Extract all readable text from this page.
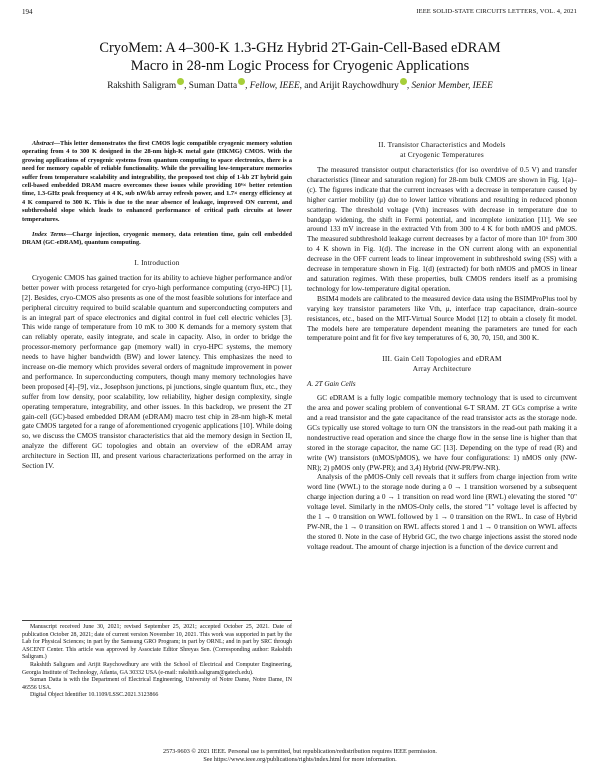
194	IEEE SOLID-STATE CIRCUITS LETTERS, VOL. 4, 2021
CryoMem: A 4–300-K 1.3-GHz Hybrid 2T-Gain-Cell-Based eDRAM
Macro in 28-nm Logic Process for Cryogenic Applications
Rakshith Saligram , Suman Datta , Fellow, IEEE, and Arijit Raychowdhury , Senior Member, IEEE

Abstract—This letter demonstrates the first CMOS logic compatible cryogenic memory solution operating from 4 to 300 K designed in the 28-nm high-K metal gate (HKMG) CMOS. With the growing applications of cryogenic systems from quantum computing to space electronics, there is a need for memory capable of reliable functionality. While the prevailing low-temperature memories suffer from temperature scalability and integrability, the proposed test chip of 1-kb 2T hybrid gain cell-based embedded DRAM macro overcomes these issues while providing 10⁶× better retention time, 1.3-GHz peak frequency at 4 K, sub nW/kb array refresh power, and 1.7× energy efficiency at 4 K compared to 300 K. This is due to the near absence of leakage, improved ON current, and subthreshold slope which leads to enhanced performance of critical path circuits at lower temperatures.

Index Terms—Charge injection, cryogenic memory, data retention time, gain cell embedded DRAM (GC-eDRAM), quantum computing.

I. Introduction

Cryogenic CMOS has gained traction for its ability to achieve higher performance and/or better power with process retargeted for cryo-high performance computing (cryo-HPC) [1], [2]. Besides, cryo-CMOS also presents as one of the most feasible solutions for interface and peripheral circuitry required to build scalable quantum and superconducting computers and is an integral part of space electronics and digital control in fuel cell electric vehicles [3]. This wide range of temperature from 10 mK to 300 K demands for a memory system that can reliably operate, easily integrate, and scale in capacity. Also, in order to bridge the processor-memory performance gap (memory wall) in cryo-HPC systems, the memory needs to have higher bandwidth (BW) and lower latency. This emphasizes the need to increase on-die memory which provides several orders of magnitude improvement in power and performance. In superconducting computers, though many memory technologies have been proposed [4]–[9], viz., Josephson junctions, pi junctions, single quantum flux, etc., they suffer from low density, poor scalability, low reliability, higher design complexity, single operating temperature, integrability, and other issues. In this backdrop, we present the 2T gain-cell (GC)-based embedded DRAM (eDRAM) macro test chip in 28-nm high-K metal gate CMOS targeted for a range of aforementioned cryogenic applications [10]. While doing so, we discuss the CMOS transistor characteristics that aid the memory design in Section II, analyze the different GC topologies and obtain an overview of the eDRAM array architecture in Section III, and present various characterizations performed on the array in Section IV.

Manuscript received June 30, 2021; revised September 25, 2021; accepted October 25, 2021. Date of publication October 28, 2021; date of current version November 10, 2021. This work was supported in part by the Lab for Physical Sciences; in part by the Samsung GRO Program; in part by ORNL; and in part by SRC through ASCENT Center. This article was approved by Associate Editor Shreyas Sen. (Corresponding author: Rakshith Saligram.)

Rakshith Saligram and Arijit Raychowdhury are with the School of Electrical and Computer Engineering, Georgia Institute of Technology, Atlanta, GA 30332 USA (e-mail: rakshith.saligram@gatech.edu).

Suman Datta is with the Department of Electrical Engineering, University of Notre Dame, Notre Dame, IN 46556 USA.

Digital Object Identifier 10.1109/LSSC.2021.3123866

II. Transistor Characteristics and Models
at Cryogenic Temperatures

The measured transistor output characteristics (for iso overdrive of 0.5 V) and transfer characteristics (linear and saturation region) for 28-nm bulk CMOS are shown in Fig. 1(a)–(c). The figures indicate that the current increases with a decrease in temperature caused by higher carrier mobility (μ) due to lower lattice vibrations and resulting in reduced phonon scattering. The threshold voltage (Vth) increases with decrease in temperature due to bandgap widening, the shift in Fermi potential, and incomplete ionization [11]. We see around 133 mV increase in the extracted Vth from 300 to 4 K for both nMOS and pMOS. The measured subthreshold leakage current decreases by a factor of more than 10⁶ from 300 to 4 K shown in Fig. 1(d). The increase in the ON current along with an exponential decrease in the OFF current leads to linear improvement in subthreshold swing (SS) with a decrease in temperature shown in Fig. 1(d) (extracted) for both nMOS and pMOS in linear and saturation regimes. With these properties, bulk CMOS renders itself as a promising technology for low-temperature digital operation.

BSIM4 models are calibrated to the measured device data using the BSIMProPlus tool by varying key transistor parameters like Vth, μ, interface trap capacitance, drain–source resistances, etc., based on the MIT-Virtual Source Model [12] to obtain a closely fit model. The models here are temperature dependent meaning the parameters are tuned for each temperature point and fit for five key temperatures of 6, 30, 70, 150, and 300 K.

III. Gain Cell Topologies and eDRAM
Array Architecture
A. 2T Gain Cells

GC eDRAM is a fully logic compatible memory technology that is used to circumvent the area and power scaling problem of conventional 6-T SRAM. 2T GCs comprise a write and a read transistor and the gate capacitance of the read transistor acts as the storage node. GCs typically use stored voltage to turn ON the transistors in the read-out path making it a nondestructive read operation and since the charge flow in the sense line is higher than that stored in the storage capacitor, the name GC [13]. Depending on the type of read (R) and write (W) transistors (nMOS/pMOS), we have four configurations: 1) nMOS only (NW-NR); 2) pMOS only (PW-PR); and 3,4) Hybrid (NW-PR/PW-NR).

Analysis of the pMOS-Only cell reveals that it suffers from charge injection from write word line (WWL) to the storage node during a 0 → 1 transition worsened by a subsequent charge injection during a 0 → 1 transition on read word line (RWL) elevating the stored "0" voltage level. Similarly in the nMOS-Only cells, the stored "1" voltage level is affected by the 1 → 0 transition on WWL followed by 1 → 0 transition on the RWL. In case of Hybrid PW-NR, the 1 → 0 transition on RWL affects stored 1 and 1 → 0 transition on WWL affects the stored 0. Note in the case of Hybrid GC, the two charge injections assist the stored node voltage readout. The amount of charge injection is a function of the device current and

2573-9603 © 2021 IEEE. Personal use is permitted, but republication/redistribution requires IEEE permission.
See https://www.ieee.org/publications/rights/index.html for more information.
